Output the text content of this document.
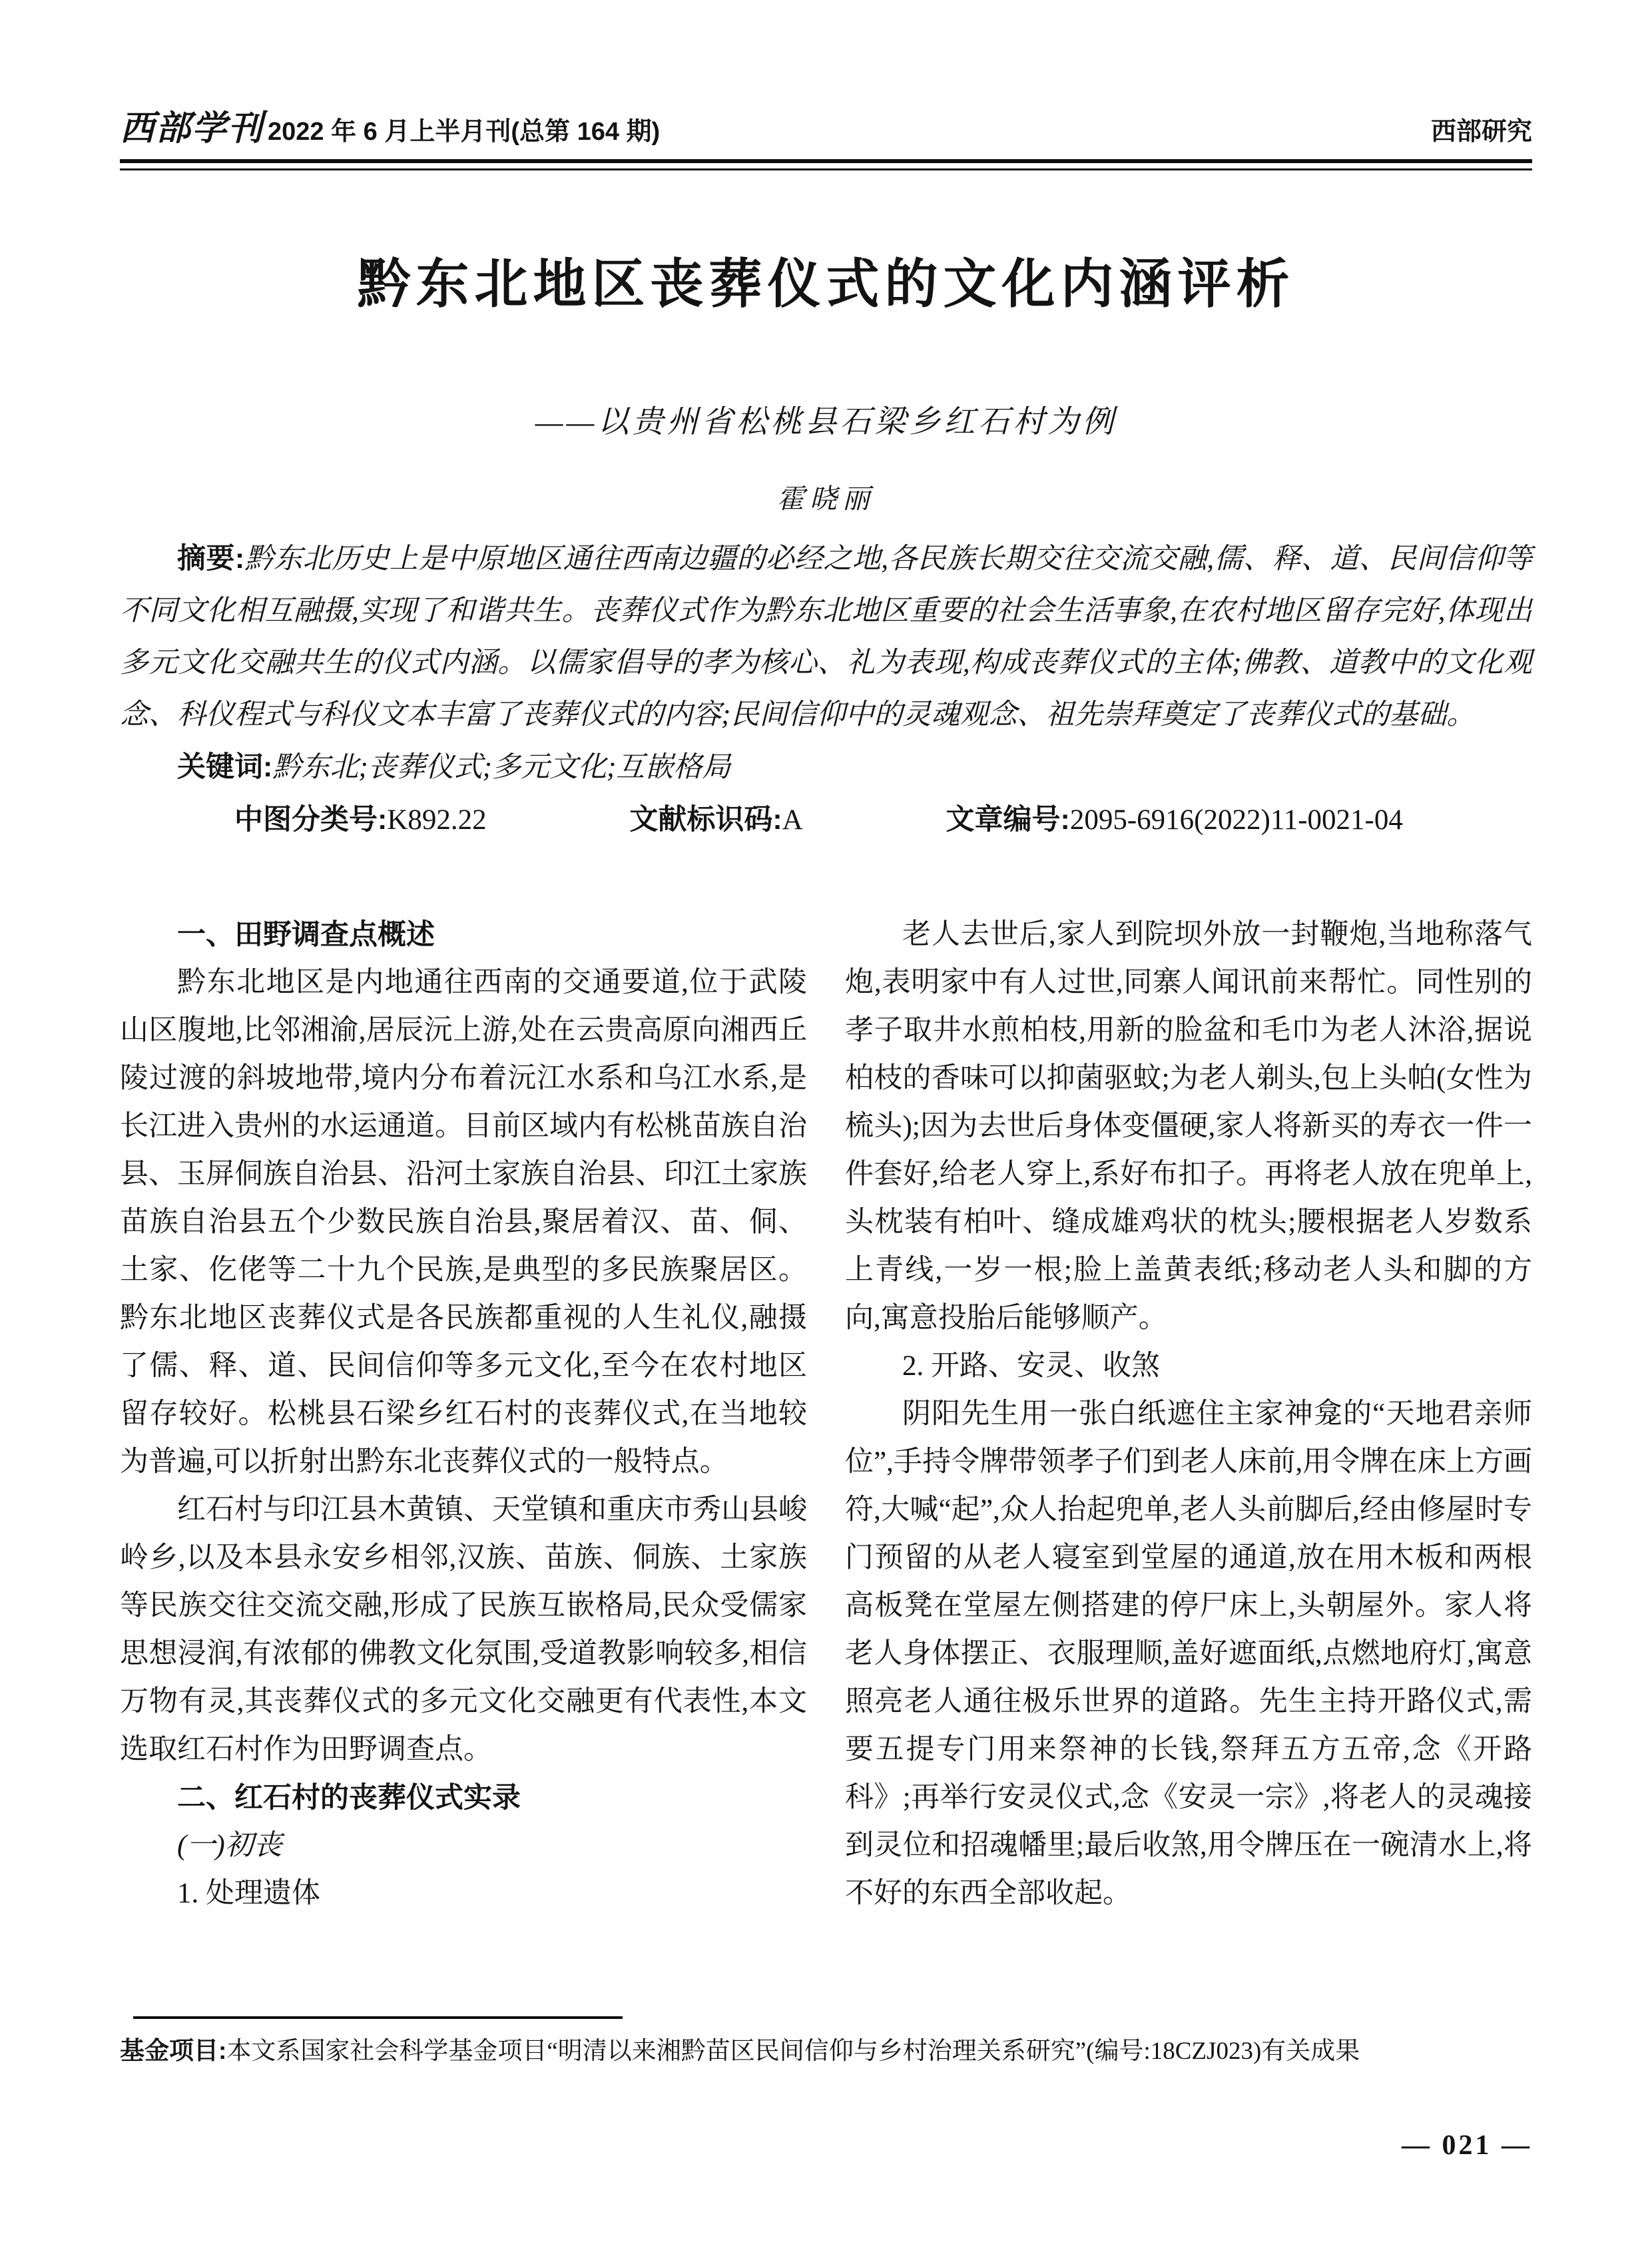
西部学刊 2022 年 6 月上半月刊(总第 164 期)	西部研究
黔东北地区丧葬仪式的文化内涵评析
——以贵州省松桃县石梁乡红石村为例
霍晓丽

摘要:黔东北历史上是中原地区通往西南边疆的必经之地,各民族长期交往交流交融,儒、释、道、民间信仰等不同文化相互融摄,实现了和谐共生。丧葬仪式作为黔东北地区重要的社会生活事象,在农村地区留存完好,体现出多元文化交融共生的仪式内涵。以儒家倡导的孝为核心、礼为表现,构成丧葬仪式的主体;佛教、道教中的文化观念、科仪程式与科仪文本丰富了丧葬仪式的内容;民间信仰中的灵魂观念、祖先崇拜奠定了丧葬仪式的基础。

关键词:黔东北;丧葬仪式;多元文化;互嵌格局

中图分类号:K892.22	文献标识码:A	文章编号:2095-6916(2022)11-0021-04

一、田野调查点概述

黔东北地区是内地通往西南的交通要道,位于武陵山区腹地,比邻湘渝,居辰沅上游,处在云贵高原向湘西丘陵过渡的斜坡地带,境内分布着沅江水系和乌江水系,是长江进入贵州的水运通道。目前区域内有松桃苗族自治县、玉屏侗族自治县、沿河土家族自治县、印江土家族苗族自治县五个少数民族自治县,聚居着汉、苗、侗、土家、仡佬等二十九个民族,是典型的多民族聚居区。黔东北地区丧葬仪式是各民族都重视的人生礼仪,融摄了儒、释、道、民间信仰等多元文化,至今在农村地区留存较好。松桃县石梁乡红石村的丧葬仪式,在当地较为普遍,可以折射出黔东北丧葬仪式的一般特点。

红石村与印江县木黄镇、天堂镇和重庆市秀山县峻岭乡,以及本县永安乡相邻,汉族、苗族、侗族、土家族等民族交往交流交融,形成了民族互嵌格局,民众受儒家思想浸润,有浓郁的佛教文化氛围,受道教影响较多,相信万物有灵,其丧葬仪式的多元文化交融更有代表性,本文选取红石村作为田野调查点。

二、红石村的丧葬仪式实录
(一)初丧
1. 处理遗体

老人去世后,家人到院坝外放一封鞭炮,当地称落气炮,表明家中有人过世,同寨人闻讯前来帮忙。同性别的孝子取井水煎柏枝,用新的脸盆和毛巾为老人沐浴,据说柏枝的香味可以抑菌驱蚊;为老人剃头,包上头帕(女性为梳头);因为去世后身体变僵硬,家人将新买的寿衣一件一件套好,给老人穿上,系好布扣子。再将老人放在兜单上,头枕装有柏叶、缝成雄鸡状的枕头;腰根据老人岁数系上青线,一岁一根;脸上盖黄表纸;移动老人头和脚的方向,寓意投胎后能够顺产。

2. 开路、安灵、收煞

阴阳先生用一张白纸遮住主家神龛的“天地君亲师位”,手持令牌带领孝子们到老人床前,用令牌在床上方画符,大喊“起”,众人抬起兜单,老人头前脚后,经由修屋时专门预留的从老人寝室到堂屋的通道,放在用木板和两根高板凳在堂屋左侧搭建的停尸床上,头朝屋外。家人将老人身体摆正、衣服理顺,盖好遮面纸,点燃地府灯,寓意照亮老人通往极乐世界的道路。先生主持开路仪式,需要五提专门用来祭神的长钱,祭拜五方五帝,念《开路科》;再举行安灵仪式,念《安灵一宗》,将老人的灵魂接到灵位和招魂幡里;最后收煞,用令牌压在一碗清水上,将不好的东西全部收起。

基金项目:本文系国家社会科学基金项目“明清以来湘黔苗区民间信仰与乡村治理关系研究”(编号:18CZJ023)有关成果

— 021 —
